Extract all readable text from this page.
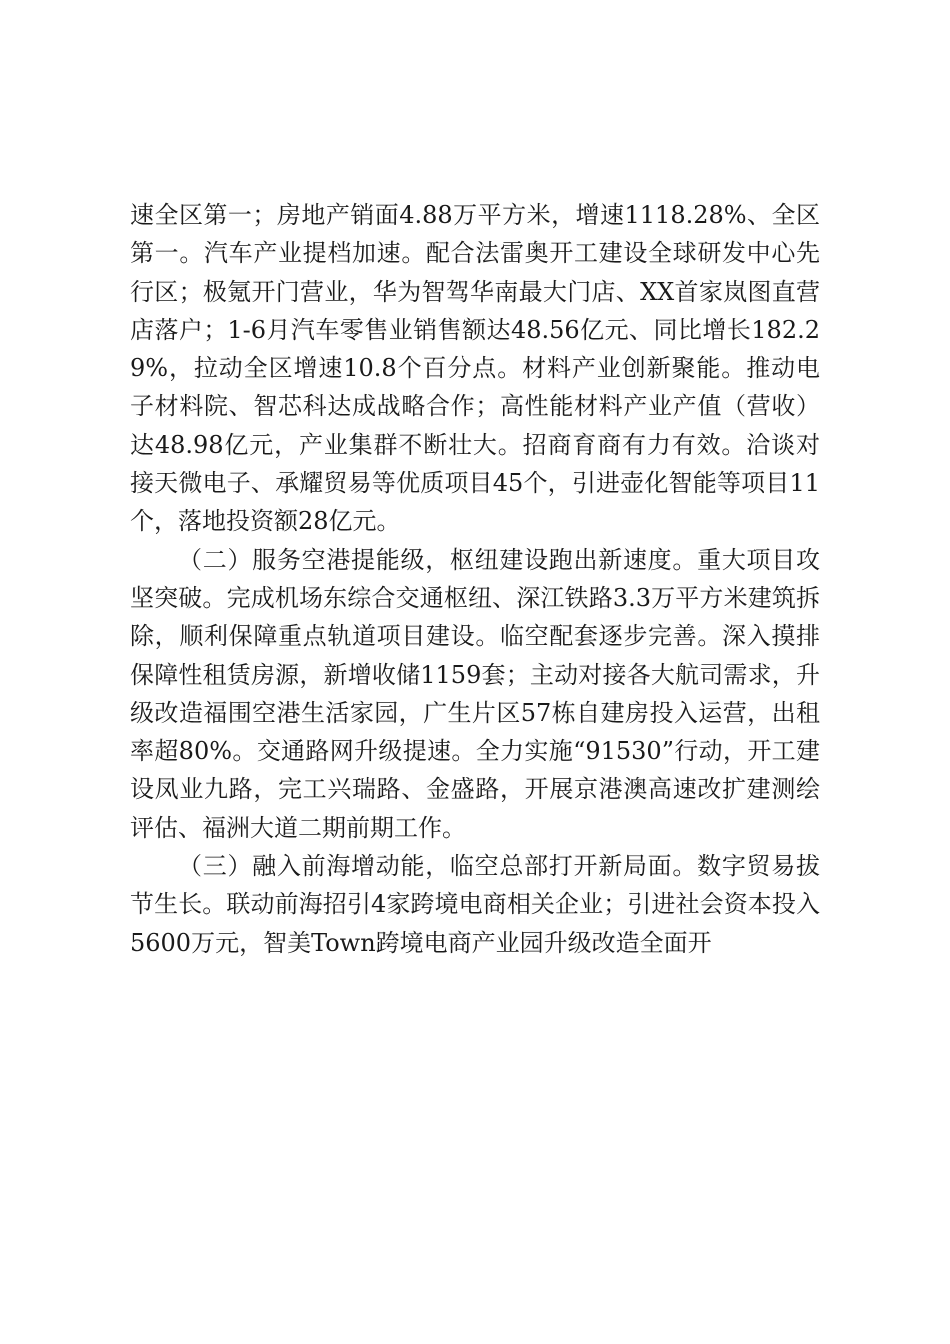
速全区第一；房地产销面4.88万平方米，增速1118.28%、全区第一。汽车产业提档加速。配合法雷奥开工建设全球研发中心先行区；极氪开门营业，华为智驾华南最大门店、XX首家岚图直营店落户；1-6月汽车零售业销售额达48.56亿元、同比增长182.29%，拉动全区增速10.8个百分点。材料产业创新聚能。推动电子材料院、智芯科达成战略合作；高性能材料产业产值（营收）达48.98亿元，产业集群不断壮大。招商育商有力有效。洽谈对接天微电子、承耀贸易等优质项目45个，引进壶化智能等项目11个，落地投资额28亿元。

（二）服务空港提能级，枢纽建设跑出新速度。重大项目攻坚突破。完成机场东综合交通枢纽、深江铁路3.3万平方米建筑拆除，顺利保障重点轨道项目建设。临空配套逐步完善。深入摸排保障性租赁房源，新增收储1159套；主动对接各大航司需求，升级改造福围空港生活家园，广生片区57栋自建房投入运营，出租率超80%。交通路网升级提速。全力实施“91530”行动，开工建设凤业九路，完工兴瑞路、金盛路，开展京港澳高速改扩建测绘评估、福洲大道二期前期工作。

（三）融入前海增动能，临空总部打开新局面。数字贸易拔节生长。联动前海招引4家跨境电商相关企业；引进社会资本投入5600万元，智美Town跨境电商产业园升级改造全面开
